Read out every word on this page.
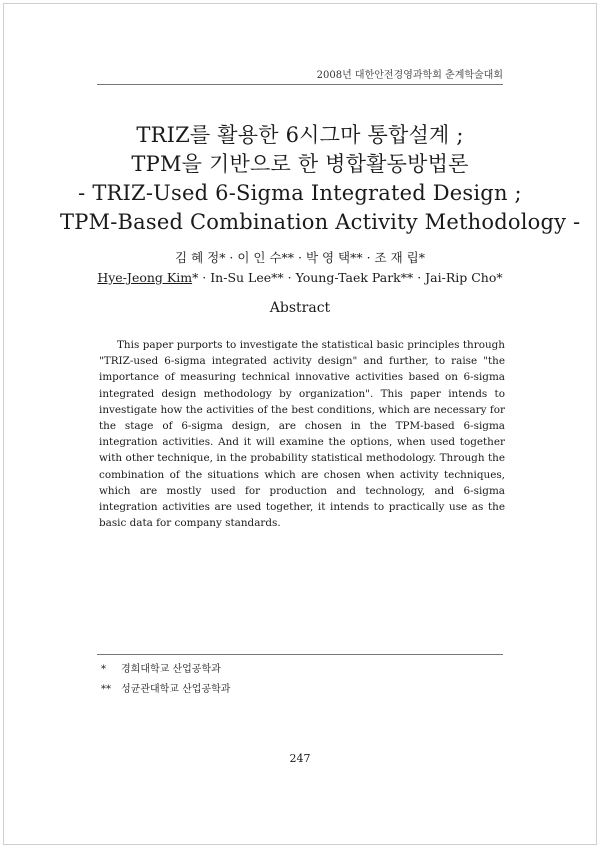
2008년 대한안전경영과학회 춘계학술대회
TRIZ를 활용한 6시그마 통합설계 ;
TPM을 기반으로 한 병합활동방법론
- TRIZ-Used 6-Sigma Integrated Design ;
TPM-Based Combination Activity Methodology -
김 혜 정* · 이 인 수** · 박 영 택** · 조 재 립*
Hye-Jeong Kim* · In-Su Lee** · Young-Taek Park** · Jai-Rip Cho*
Abstract
This paper purports to investigate the statistical basic principles through "TRIZ-used 6-sigma integrated activity design" and further, to raise "the importance of measuring technical innovative activities based on 6-sigma integrated design methodology by organization". This paper intends to investigate how the activities of the best conditions, which are necessary for the stage of 6-sigma design, are chosen in the TPM-based 6-sigma integration activities. And it will examine the options, when used together with other technique, in the probability statistical methodology. Through the combination of the situations which are chosen when activity techniques, which are mostly used for production and technology, and 6-sigma integration activities are used together, it intends to practically use as the basic data for company standards.
* 경희대학교 산업공학과
** 성균관대학교 산업공학과
247
